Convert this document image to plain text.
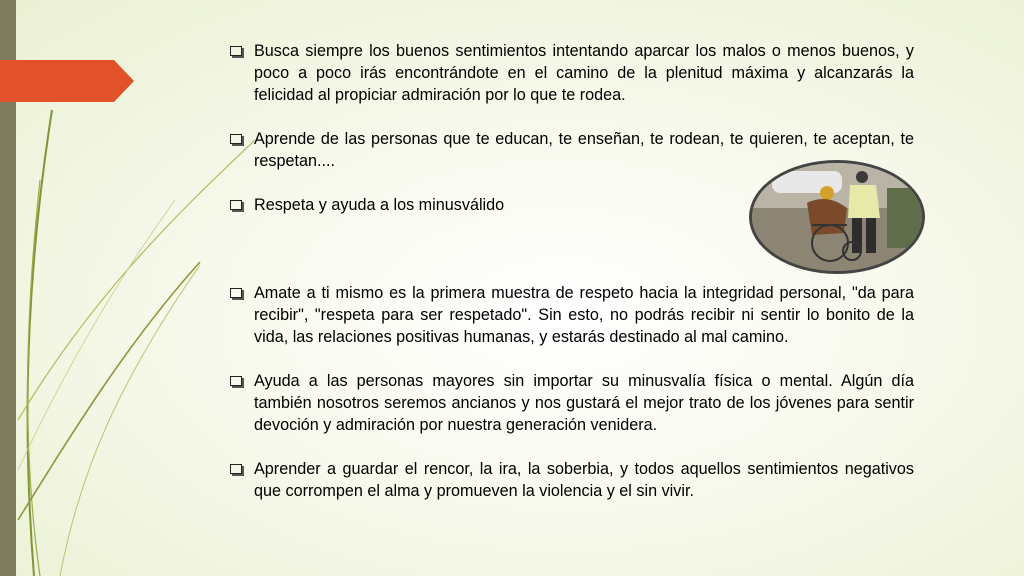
Busca siempre los buenos sentimientos intentando aparcar los malos o menos buenos, y poco a poco irás encontrándote en el camino de la plenitud máxima y alcanzarás la felicidad al propiciar admiración por lo que te rodea.
Aprende de las personas que te educan, te enseñan, te rodean, te quieren, te aceptan, te respetan....
Respeta y ayuda a los minusválido
Amate a ti mismo es la primera muestra de respeto hacia la integridad personal, "da para recibir", "respeta para ser respetado". Sin esto, no podrás recibir ni sentir lo bonito de la vida, las relaciones positivas humanas, y estarás destinado al mal camino.
Ayuda a las personas mayores sin importar su minusvalía física o mental. Algún día también nosotros seremos ancianos y nos gustará el mejor trato de los jóvenes para sentir devoción y admiración por nuestra generación venidera.
Aprender a guardar el rencor, la ira, la soberbia, y todos aquellos sentimientos negativos que corrompen el alma y promueven la violencia y el sin vivir.
